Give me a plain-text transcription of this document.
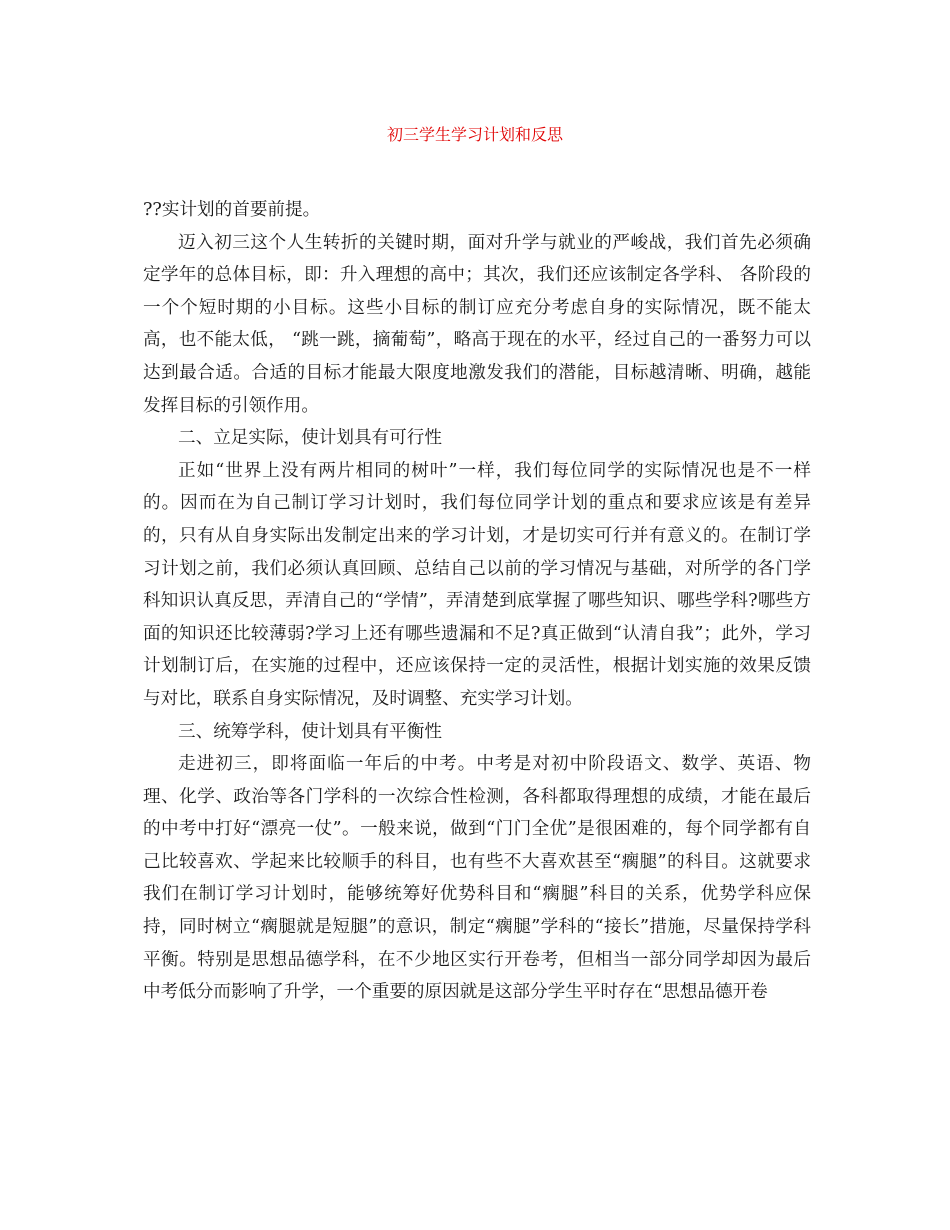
初三学生学习计划和反思

??实计划的首要前提。

迈入初三这个人生转折的关键时期，面对升学与就业的严峻战，我们首先必须确定学年的总体目标，即：升入理想的高中；其次，我们还应该制定各学科、 各阶段的一个个短时期的小目标。这些小目标的制订应充分考虑自身的实际情况，既不能太高，也不能太低， “跳一跳，摘葡萄”，略高于现在的水平，经过自己的一番努力可以达到最合适。合适的目标才能最大限度地激发我们的潜能，目标越清晰、明确，越能发挥目标的引领作用。

二、立足实际，使计划具有可行性

正如“世界上没有两片相同的树叶”一样，我们每位同学的实际情况也是不一样的。因而在为自己制订学习计划时，我们每位同学计划的重点和要求应该是有差异的，只有从自身实际出发制定出来的学习计划，才是切实可行并有意义的。在制订学习计划之前，我们必须认真回顾、总结自己以前的学习情况与基础，对所学的各门学科知识认真反思，弄清自己的“学情”，弄清楚到底掌握了哪些知识、哪些学科?哪些方面的知识还比较薄弱?学习上还有哪些遗漏和不足?真正做到“认清自我”；此外，学习计划制订后，在实施的过程中，还应该保持一定的灵活性，根据计划实施的效果反馈与对比，联系自身实际情况，及时调整、充实学习计划。

三、统筹学科，使计划具有平衡性

走进初三，即将面临一年后的中考。中考是对初中阶段语文、数学、英语、物理、化学、政治等各门学科的一次综合性检测，各科都取得理想的成绩，才能在最后的中考中打好“漂亮一仗”。一般来说，做到“门门全优”是很困难的，每个同学都有自己比较喜欢、学起来比较顺手的科目，也有些不大喜欢甚至“瘸腿”的科目。这就要求我们在制订学习计划时，能够统筹好优势科目和“瘸腿”科目的关系，优势学科应保持，同时树立“瘸腿就是短腿”的意识，制定“瘸腿”学科的“接长”措施，尽量保持学科平衡。特别是思想品德学科，在不少地区实行开卷考，但相当一部分同学却因为最后中考低分而影响了升学，一个重要的原因就是这部分学生平时存在“思想品德开卷
